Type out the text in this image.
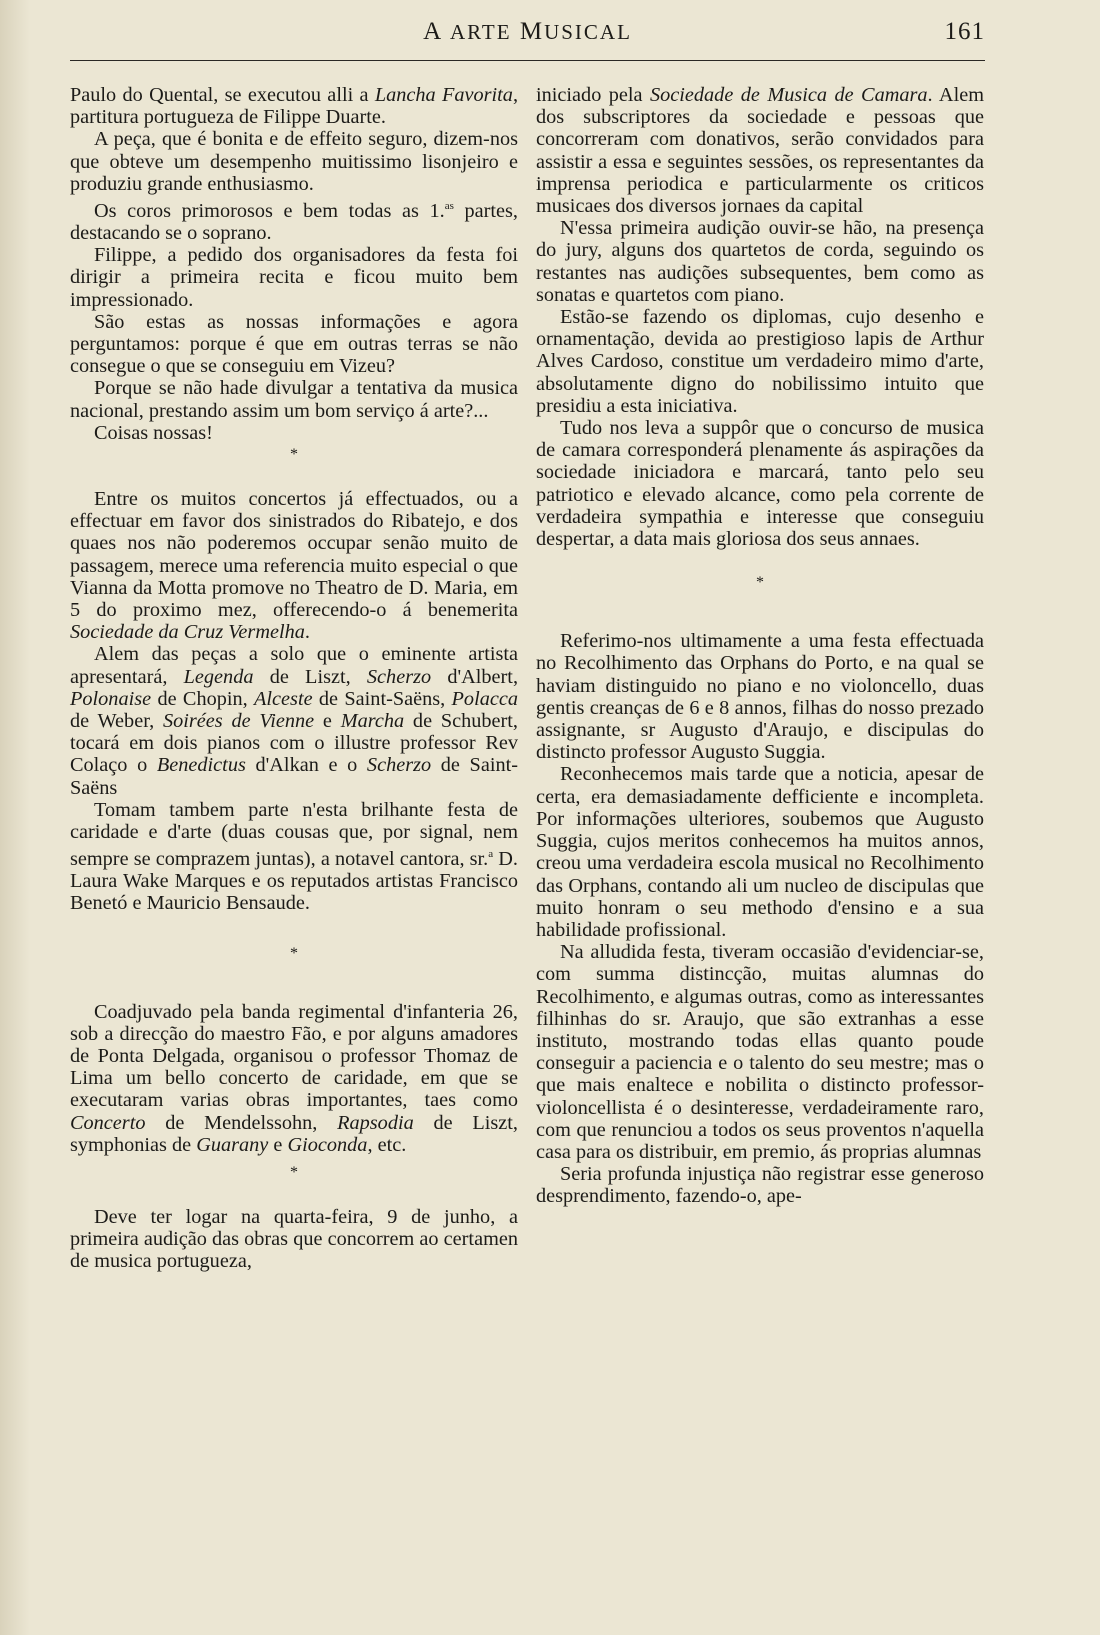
A ARTE MUSICAL	161

Paulo do Quental, se executou alli a Lancha Favorita, partitura portugueza de Filippe Duarte.

A peça, que é bonita e de effeito seguro, dizem-nos que obteve um desempenho muitissimo lisonjeiro e produziu grande enthusiasmo.

Os coros primorosos e bem todas as 1.$^{as}$ partes, destacando se o soprano.

Filippe, a pedido dos organisadores da festa foi dirigir a primeira recita e ficou muito bem impressionado.

São estas as nossas informações e agora perguntamos: porque é que em outras terras se não consegue o que se conseguiu em Vizeu?

Porque se não hade divulgar a tentativa da musica nacional, prestando assim um bom serviço á arte?...

Coisas nossas!

*

Entre os muitos concertos já effectuados, ou a effectuar em favor dos sinistrados do Ribatejo, e dos quaes nos não poderemos occupar senão muito de passagem, merece uma referencia muito especial o que Vianna da Motta promove no Theatro de D. Maria, em 5 do proximo mez, offerecendo-o á benemerita Sociedade da Cruz Vermelha.

Alem das peças a solo que o eminente artista apresentará, Legenda de Liszt, Scherzo d'Albert, Polonaise de Chopin, Alceste de Saint-Saëns, Polacca de Weber, Soirées de Vienne e Marcha de Schubert, tocará em dois pianos com o illustre professor Rev Colaço o Benedictus d'Alkan e o Scherzo de Saint-Saëns

Tomam tambem parte n'esta brilhante festa de caridade e d'arte (duas cousas que, por signal, nem sempre se comprazem juntas), a notavel cantora, sr.$^a$ D. Laura Wake Marques e os reputados artistas Francisco Benetó e Mauricio Bensaude.

*

Coadjuvado pela banda regimental d'infanteria 26, sob a direcção do maestro Fão, e por alguns amadores de Ponta Delgada, organisou o professor Thomaz de Lima um bello concerto de caridade, em que se executaram varias obras importantes, taes como Concerto de Mendelssohn, Rapsodia de Liszt, symphonias de Guarany e Gioconda, etc.

*

Deve ter logar na quarta-feira, 9 de junho, a primeira audição das obras que concorrem ao certamen de musica portugueza,

iniciado pela Sociedade de Musica de Camara. Alem dos subscriptores da sociedade e pessoas que concorreram com donativos, serão convidados para assistir a essa e seguintes sessões, os representantes da imprensa periodica e particularmente os criticos musicaes dos diversos jornaes da capital

N'essa primeira audição ouvir-se hão, na presença do jury, alguns dos quartetos de corda, seguindo os restantes nas audições subsequentes, bem como as sonatas e quartetos com piano.

Estão-se fazendo os diplomas, cujo desenho e ornamentação, devida ao prestigioso lapis de Arthur Alves Cardoso, constitue um verdadeiro mimo d'arte, absolutamente digno do nobilissimo intuito que presidiu a esta iniciativa.

Tudo nos leva a suppôr que o concurso de musica de camara corresponderá plenamente ás aspirações da sociedade iniciadora e marcará, tanto pelo seu patriotico e elevado alcance, como pela corrente de verdadeira sympathia e interesse que conseguiu despertar, a data mais gloriosa dos seus annaes.

*

Referimo-nos ultimamente a uma festa effectuada no Recolhimento das Orphans do Porto, e na qual se haviam distinguido no piano e no violoncello, duas gentis creanças de 6 e 8 annos, filhas do nosso prezado assignante, sr Augusto d'Araujo, e discipulas do distincto professor Augusto Suggia.

Reconhecemos mais tarde que a noticia, apesar de certa, era demasiadamente defficiente e incompleta. Por informações ulteriores, soubemos que Augusto Suggia, cujos meritos conhecemos ha muitos annos, creou uma verdadeira escola musical no Recolhimento das Orphans, contando ali um nucleo de discipulas que muito honram o seu methodo d'ensino e a sua habilidade profissional.

Na alludida festa, tiveram occasião d'evidenciar-se, com summa distincção, muitas alumnas do Recolhimento, e algumas outras, como as interessantes filhinhas do sr. Araujo, que são extranhas a esse instituto, mostrando todas ellas quanto poude conseguir a paciencia e o talento do seu mestre; mas o que mais enaltece e nobilita o distincto professor-violoncellista é o desinteresse, verdadeiramente raro, com que renunciou a todos os seus proventos n'aquella casa para os distribuir, em premio, ás proprias alumnas

Seria profunda injustiça não registrar esse generoso desprendimento, fazendo-o, ape-
